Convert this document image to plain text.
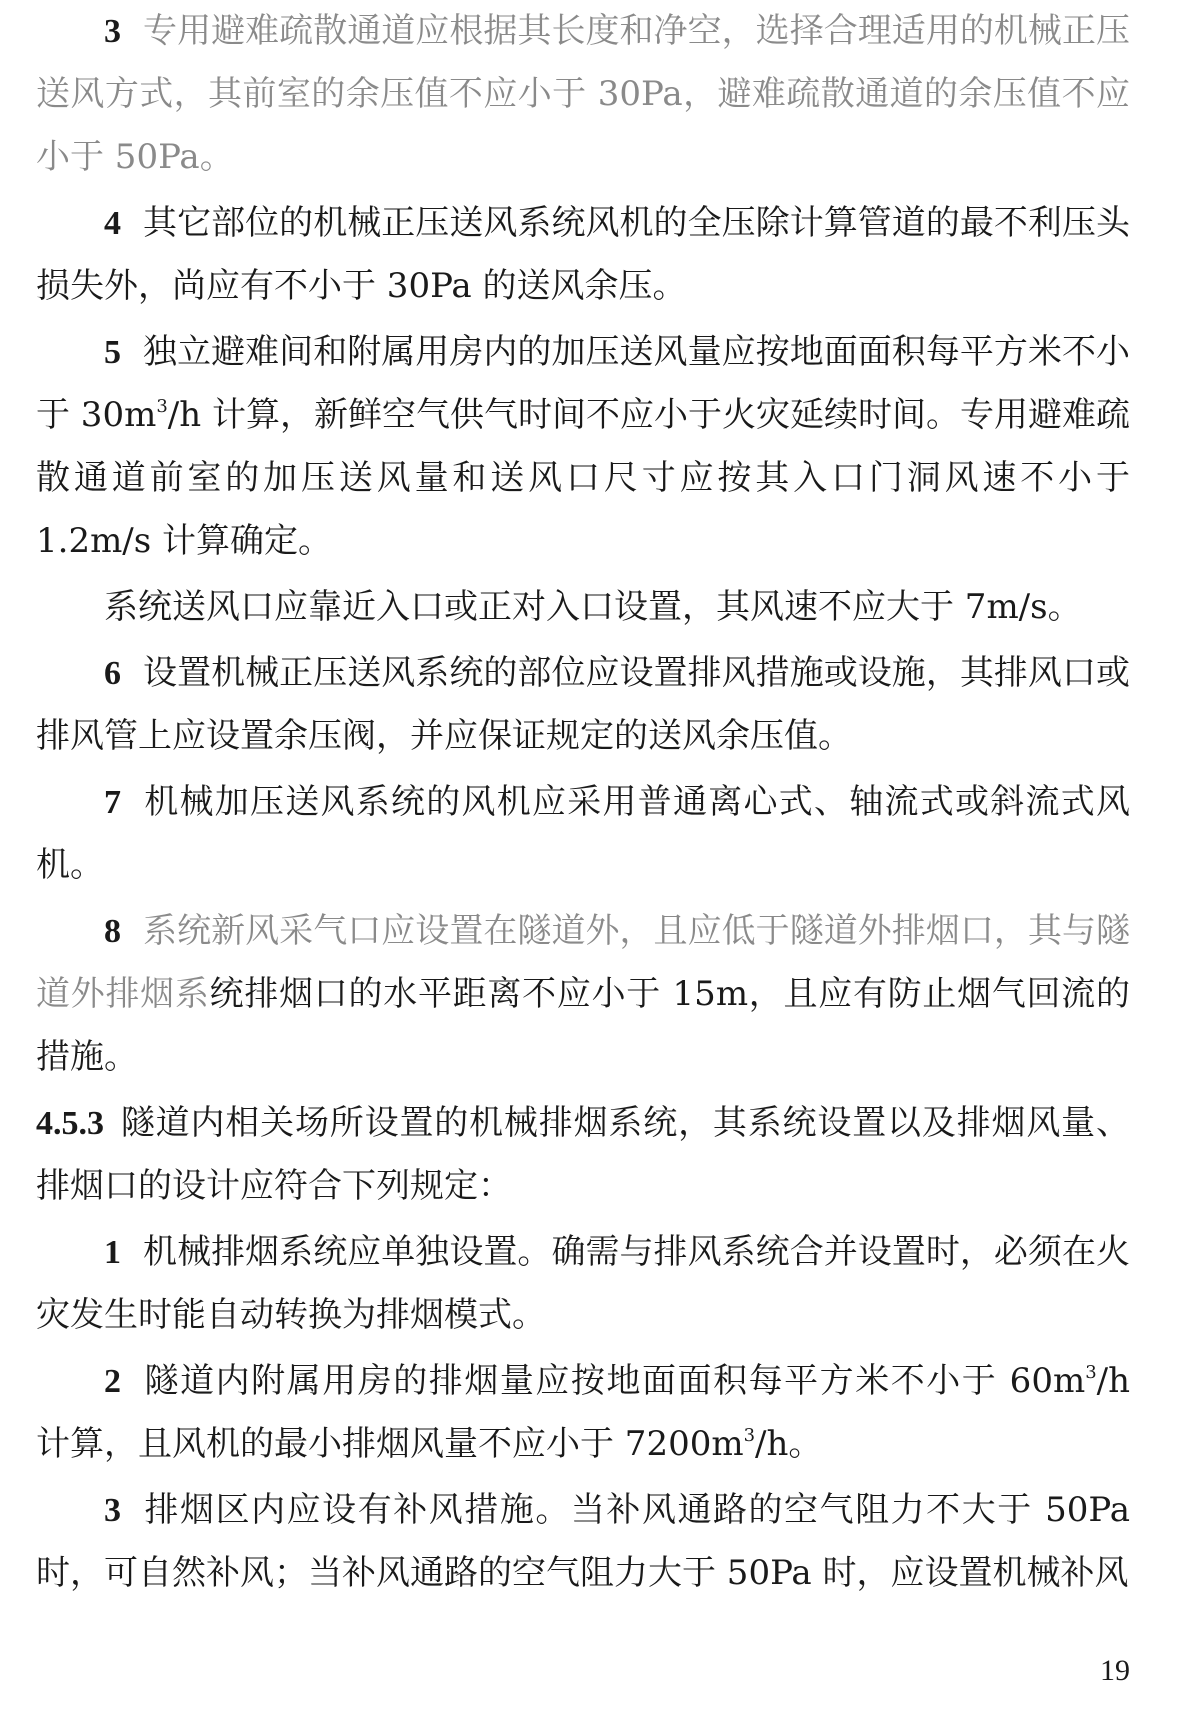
3 专用避难疏散通道应根据其长度和净空，选择合理适用的机械正压送风方式，其前室的余压值不应小于 30Pa，避难疏散通道的余压值不应小于 50Pa。

4 其它部位的机械正压送风系统风机的全压除计算管道的最不利压头损失外，尚应有不小于 30Pa 的送风余压。

5 独立避难间和附属用房内的加压送风量应按地面面积每平方米不小于 $30m^3/h$ 计算，新鲜空气供气时间不应小于火灾延续时间。专用避难疏散通道前室的加压送风量和送风口尺寸应按其入口门洞风速不小于 1.2m/s 计算确定。

系统送风口应靠近入口或正对入口设置，其风速不应大于 7m/s。

6 设置机械正压送风系统的部位应设置排风措施或设施，其排风口或排风管上应设置余压阀，并应保证规定的送风余压值。

7 机械加压送风系统的风机应采用普通离心式、轴流式或斜流式风机。

8 系统新风采气口应设置在隧道外，且应低于隧道外排烟口，其与隧道外排烟系统排烟口的水平距离不应小于 15m，且应有防止烟气回流的措施。

4.5.3 隧道内相关场所设置的机械排烟系统，其系统设置以及排烟风量、排烟口的设计应符合下列规定：

1 机械排烟系统应单独设置。确需与排风系统合并设置时，必须在火灾发生时能自动转换为排烟模式。

2 隧道内附属用房的排烟量应按地面面积每平方米不小于 $60m^3/h$ 计算，且风机的最小排烟风量不应小于 $7200m^3/h$。

3 排烟区内应设有补风措施。当补风通路的空气阻力不大于 50Pa 时，可自然补风；当补风通路的空气阻力大于 50Pa 时，应设置机械补风

19
